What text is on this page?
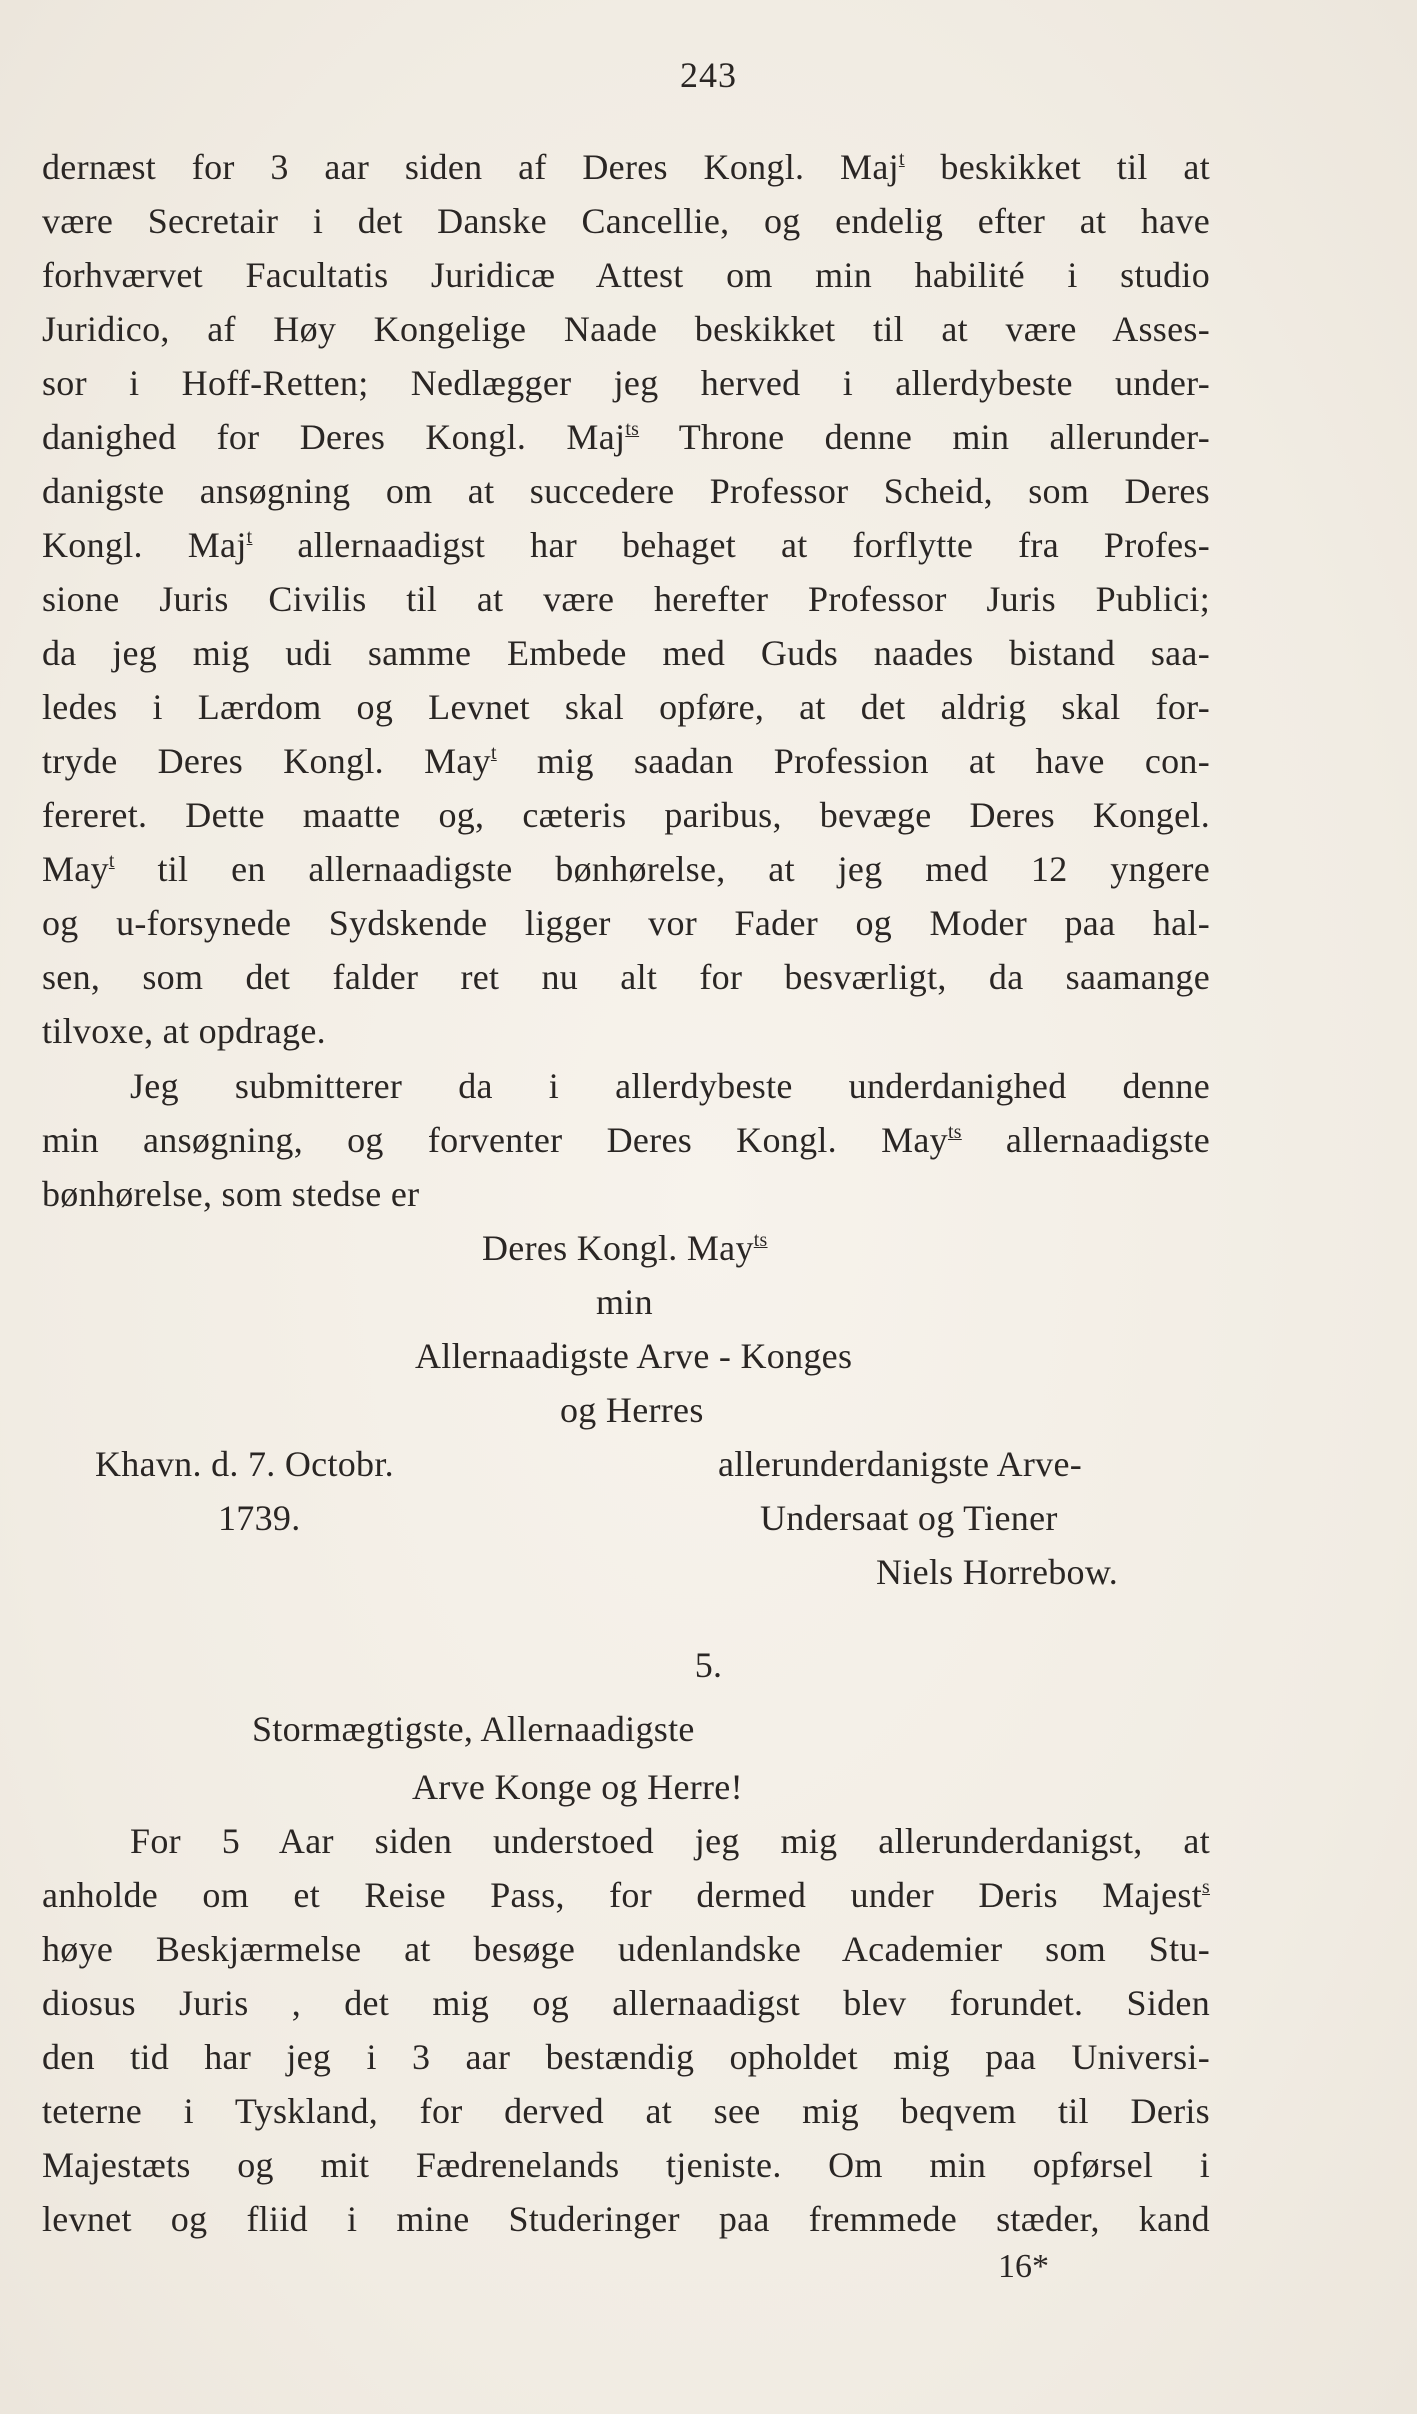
243
dernæst for 3 aar siden af Deres Kongl. Maj$^t$ beskikket til at
være Secretair i det Danske Cancellie, og endelig efter at have
forhværvet Facultatis Juridicæ Attest om min habilité i studio
Juridico, af Høy Kongelige Naade beskikket til at være Asses-
sor i Hoff-Retten; Nedlægger jeg herved i allerdybeste under-
danighed for Deres Kongl. Maj$^{ts}$ Throne denne min allerunder-
danigste ansøgning om at succedere Professor Scheid, som Deres
Kongl. Maj$^t$ allernaadigst har behaget at forflytte fra Profes-
sione Juris Civilis til at være herefter Professor Juris Publici;
da jeg mig udi samme Embede med Guds naades bistand saa-
ledes i Lærdom og Levnet skal opføre, at det aldrig skal for-
tryde Deres Kongl. May$^t$ mig saadan Profession at have con-
fereret. Dette maatte og, cæteris paribus, bevæge Deres Kongel.
May$^t$ til en allernaadigste bønhørelse, at jeg med 12 yngere
og u-forsynede Sydskende ligger vor Fader og Moder paa hal-
sen, som det falder ret nu alt for besværligt, da saamange
tilvoxe, at opdrage.
Jeg submitterer da i allerdybeste underdanighed denne
min ansøgning, og forventer Deres Kongl. May$^{ts}$ allernaadigste
bønhørelse, som stedse er
Deres Kongl. May$^{ts}$
min
Allernaadigste Arve - Konges
og Herres
Khavn. d. 7. Octobr.
1739.
allerunderdanigste Arve-
Undersaat og Tiener
Niels Horrebow.
5.
Stormægtigste, Allernaadigste
Arve Konge og Herre!
For 5 Aar siden understoed jeg mig allerunderdanigst, at
anholde om et Reise Pass, for dermed under Deris Majest$^s$
høye Beskjærmelse at besøge udenlandske Academier som Stu-
diosus Juris , det mig og allernaadigst blev forundet. Siden
den tid har jeg i 3 aar bestændig opholdet mig paa Universi-
teterne i Tyskland, for derved at see mig beqvem til Deris
Majestæts og mit Fædrenelands tjeniste. Om min opførsel i
levnet og fliid i mine Studeringer paa fremmede stæder, kand
16*
